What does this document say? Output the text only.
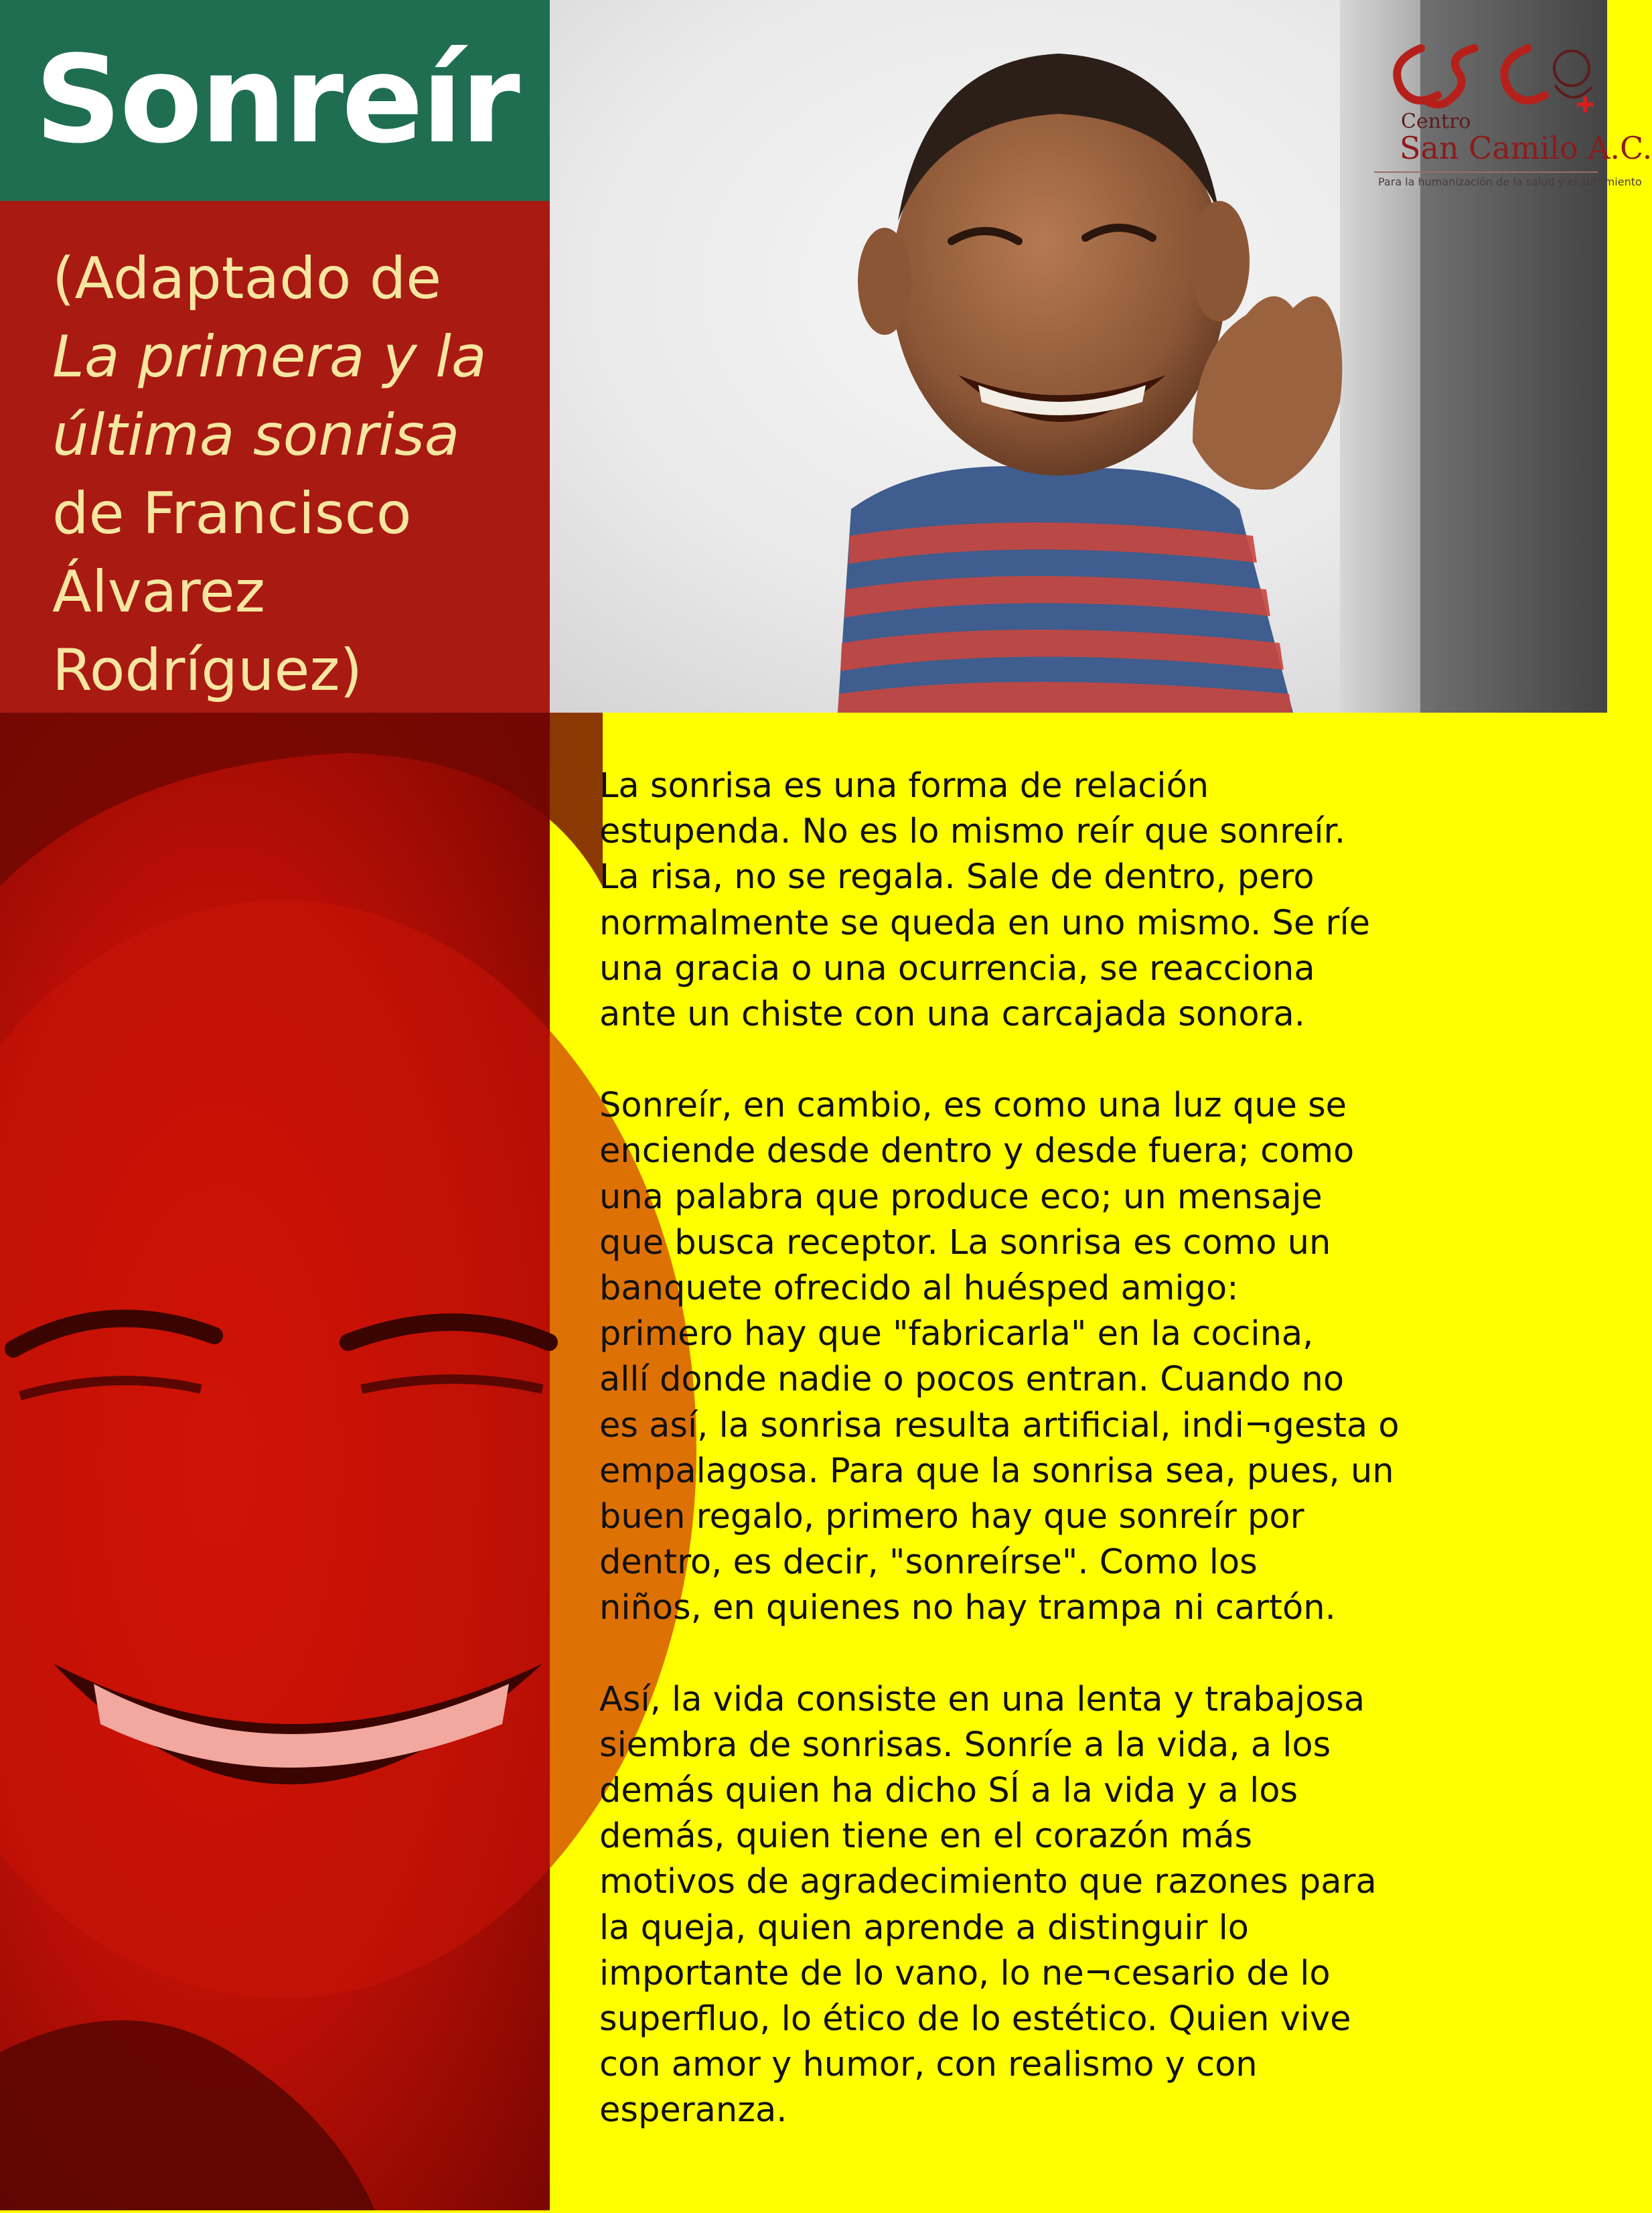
Sonreír
(Adaptado de
La primera y la
última sonrisa
de Francisco
Álvarez
Rodríguez)
Centro
San Camilo A.C.
Para la humanización de la salud y el sufrimiento

La sonrisa es una forma de relación
estupenda. No es lo mismo reír que sonreír.
La risa, no se regala. Sale de dentro, pero
normalmente se queda en uno mismo. Se ríe
una gracia o una ocurrencia, se reacciona
ante un chiste con una carcajada sonora.

Sonreír, en cambio, es como una luz que se
enciende desde dentro y desde fuera; como
una palabra que produce eco; un mensaje
que busca receptor. La sonrisa es como un
banquete ofrecido al huésped amigo:
primero hay que "fabricarla" en la cocina,
allí donde nadie o pocos entran. Cuando no
es así, la sonrisa resulta artificial, indi¬gesta o
empalagosa. Para que la sonrisa sea, pues, un
buen regalo, primero hay que sonreír por
dentro, es decir, "sonreírse". Como los
niños, en quienes no hay trampa ni cartón.

Así, la vida consiste en una lenta y trabajosa
siembra de sonrisas. Sonríe a la vida, a los
demás quien ha dicho SÍ a la vida y a los
demás, quien tiene en el corazón más
motivos de agradecimiento que razones para
la queja, quien aprende a distinguir lo
importante de lo vano, lo ne¬cesario de lo
superfluo, lo ético de lo estético. Quien vive
con amor y humor, con realismo y con
esperanza.
